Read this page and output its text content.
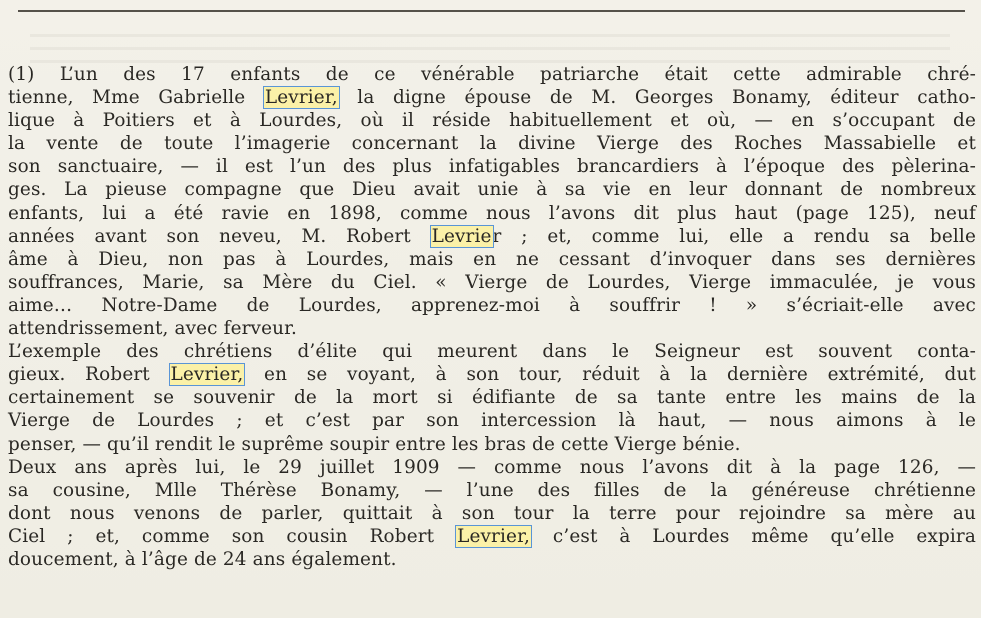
(1) L’un des 17 enfants de ce vénérable patriarche était cette admirable chré-
tienne, Mme Gabrielle Levrier, la digne épouse de M. Georges Bonamy, éditeur catho-
lique à Poitiers et à Lourdes, où il réside habituellement et où, — en s’occupant de
la vente de toute l’imagerie concernant la divine Vierge des Roches Massabielle et
son sanctuaire, — il est l’un des plus infatigables brancardiers à l’époque des pèlerina-
ges. La pieuse compagne que Dieu avait unie à sa vie en leur donnant de nombreux
enfants, lui a été ravie en 1898, comme nous l’avons dit plus haut (page 125), neuf
années avant son neveu, M. Robert Levrier ; et, comme lui, elle a rendu sa belle
âme à Dieu, non pas à Lourdes, mais en ne cessant d’invoquer dans ses dernières
souffrances, Marie, sa Mère du Ciel. « Vierge de Lourdes, Vierge immaculée, je vous
aime… Notre-Dame de Lourdes, apprenez-moi à souffrir ! » s’écriait-elle avec
attendrissement, avec ferveur.
L’exemple des chrétiens d’élite qui meurent dans le Seigneur est souvent conta-
gieux. Robert Levrier, en se voyant, à son tour, réduit à la dernière extrémité, dut
certainement se souvenir de la mort si édifiante de sa tante entre les mains de la
Vierge de Lourdes ; et c’est par son intercession là haut, — nous aimons à le
penser, — qu’il rendit le suprême soupir entre les bras de cette Vierge bénie.
Deux ans après lui, le 29 juillet 1909 — comme nous l’avons dit à la page 126, —
sa cousine, Mlle Thérèse Bonamy, — l’une des filles de la généreuse chrétienne
dont nous venons de parler, quittait à son tour la terre pour rejoindre sa mère au
Ciel ; et, comme son cousin Robert Levrier, c’est à Lourdes même qu’elle expira
doucement, à l’âge de 24 ans également.
